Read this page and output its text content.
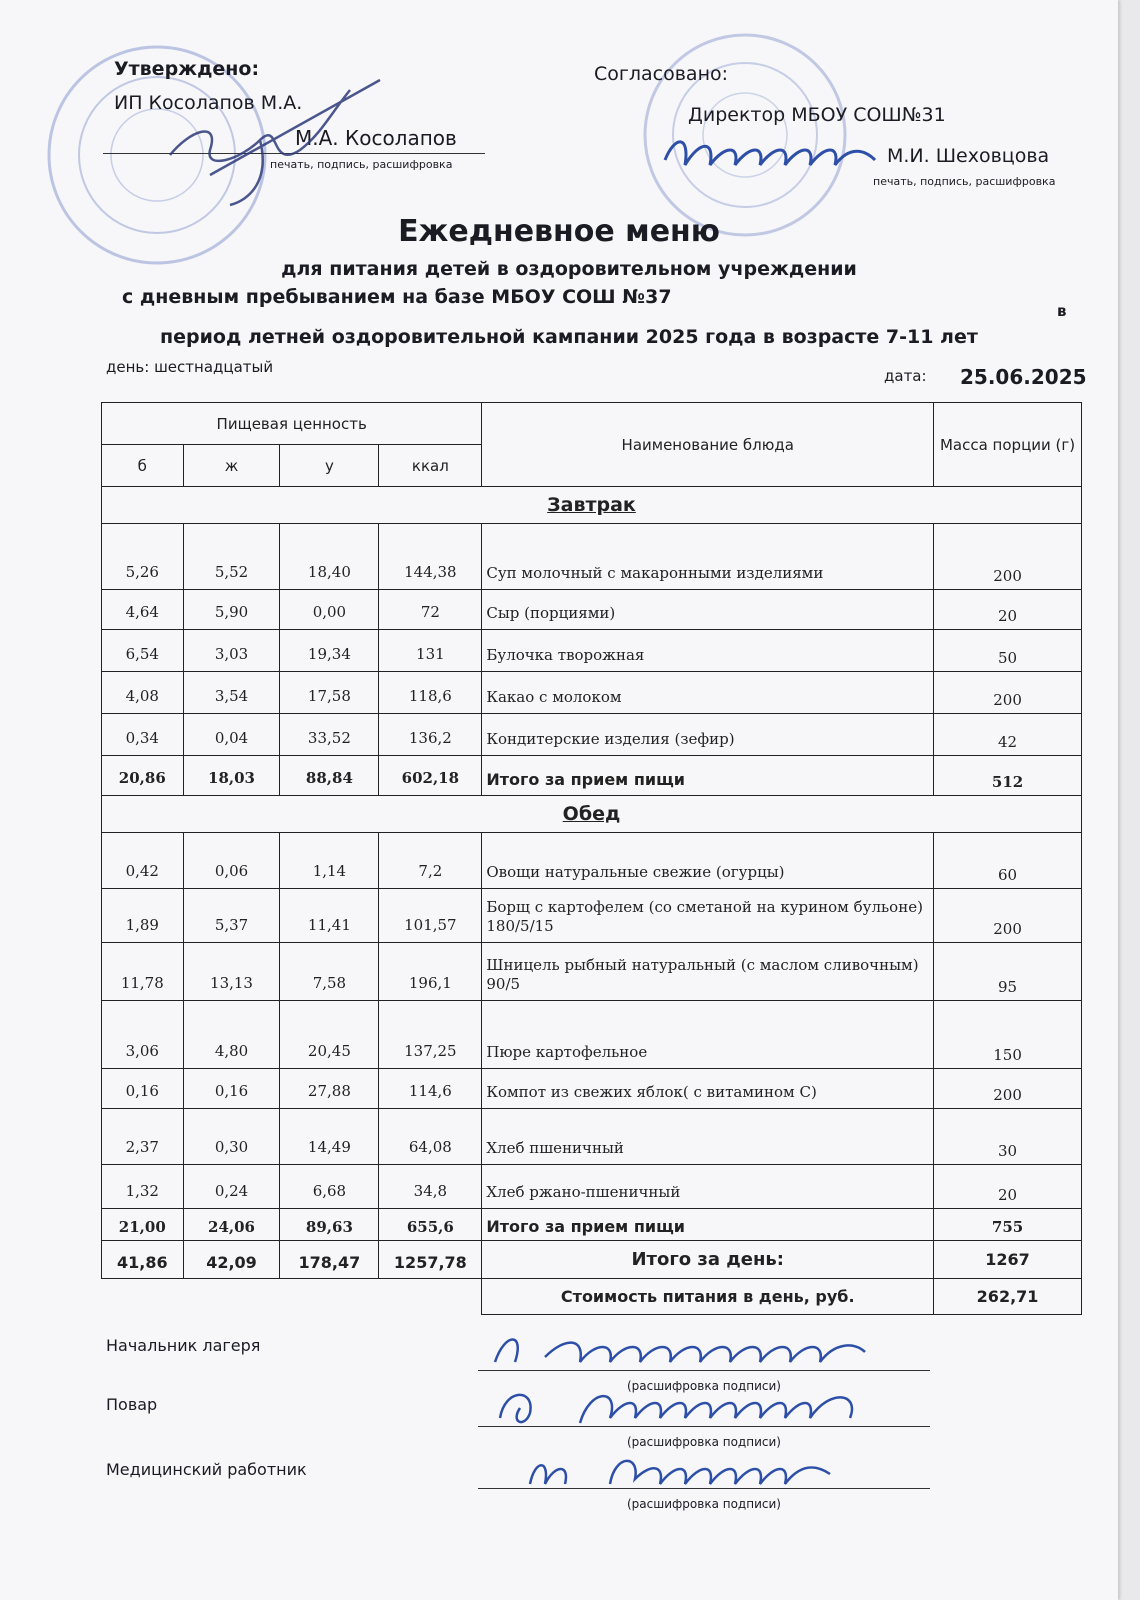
Утверждено:
ИП Косолапов М.А.
М.А. Косолапов
печать, подпись, расшифровка
Согласовано:
Директор МБОУ СОШ№31
М.И. Шеховцова
печать, подпись, расшифровка
Ежедневное меню
для питания детей в оздоровительном учреждении
с дневным пребыванием на базе МБОУ СОШ №37
в
период летней оздоровительной кампании 2025 года в возрасте 7-11 лет
день: шестнадцатый	дата: 25.06.2025
Пищевая ценность				Наименование блюда	Масса порции (г)
б	ж	у	ккал		
Завтрак					
5,26	5,52	18,40	144,38	Суп молочный с макаронными изделиями	200
4,64	5,90	0,00	72	Сыр (порциями)	20
6,54	3,03	19,34	131	Булочка творожная	50
4,08	3,54	17,58	118,6	Какао с молоком	200
0,34	0,04	33,52	136,2	Кондитерские изделия (зефир)	42
20,86	18,03	88,84	602,18	Итого за прием пищи	512
Обед					
0,42	0,06	1,14	7,2	Овощи натуральные свежие (огурцы)	60
1,89	5,37	11,41	101,57	Борщ с картофелем (со сметаной на курином бульоне) 180/5/15	200
11,78	13,13	7,58	196,1	Шницель рыбный натуральный (с маслом сливочным) 90/5	95
3,06	4,80	20,45	137,25	Пюре картофельное	150
0,16	0,16	27,88	114,6	Компот из свежих яблок( с витамином С)	200
2,37	0,30	14,49	64,08	Хлеб пшеничный	30
1,32	0,24	6,68	34,8	Хлеб ржано-пшеничный	20
21,00	24,06	89,63	655,6	Итого за прием пищи	755
41,86	42,09	178,47	1257,78	Итого за день:	1267
				Стоимость питания в день, руб.	262,71
Начальник лагеря
(расшифровка подписи)
Повар
(расшифровка подписи)
Медицинский работник
(расшифровка подписи)
